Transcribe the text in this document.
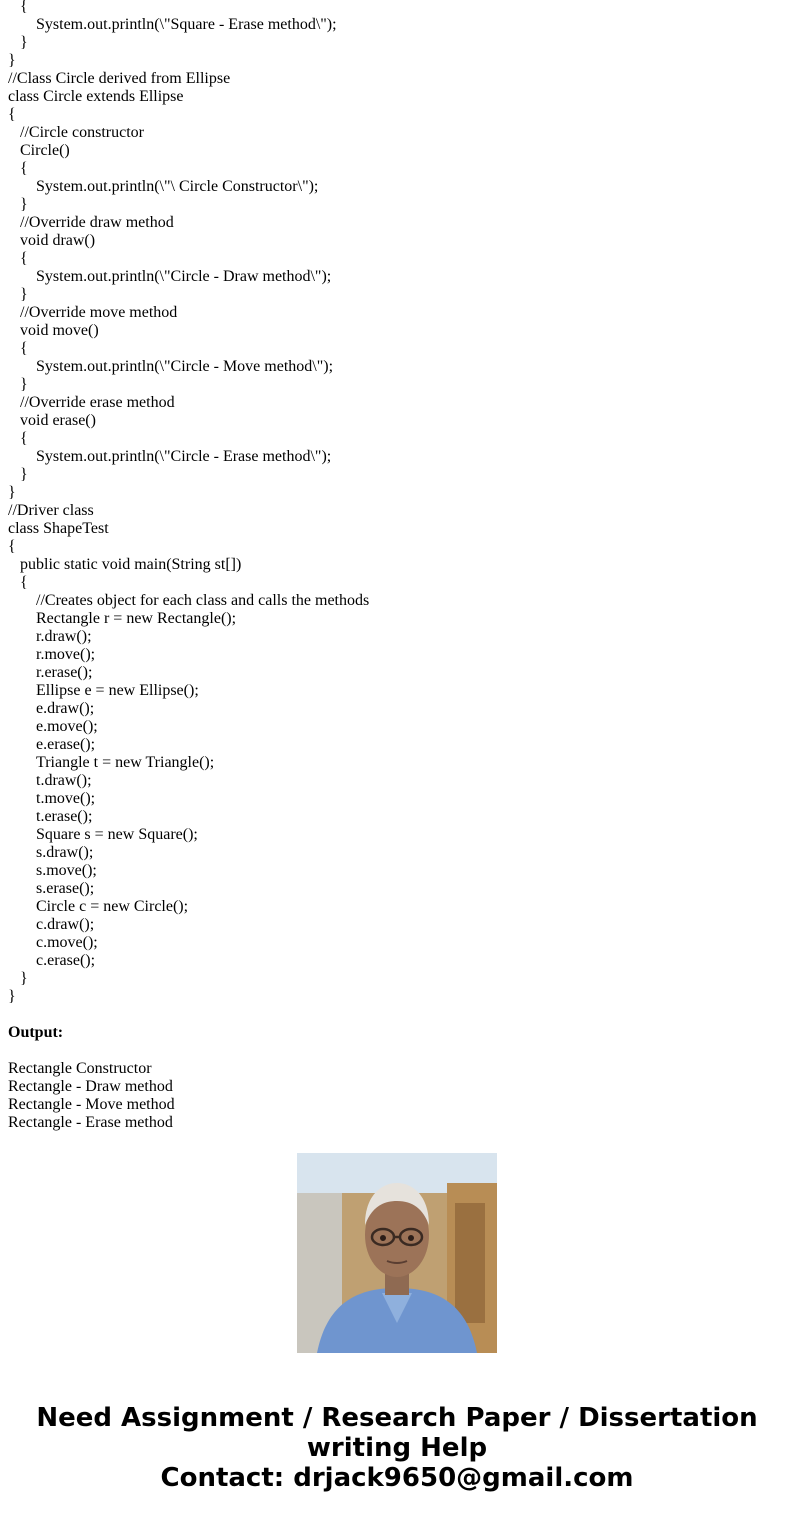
{
System.out.println(\"Square - Erase method\");
}
}
//Class Circle derived from Ellipse
class Circle extends Ellipse
{
//Circle constructor
Circle()
{
System.out.println(\"\ Circle Constructor\");
}
//Override draw method
void draw()
{
System.out.println(\"Circle - Draw method\");
}
//Override move method
void move()
{
System.out.println(\"Circle - Move method\");
}
//Override erase method
void erase()
{
System.out.println(\"Circle - Erase method\");
}
}
//Driver class
class ShapeTest
{
public static void main(String st[])
{
//Creates object for each class and calls the methods
Rectangle r = new Rectangle();
r.draw();
r.move();
r.erase();
Ellipse e = new Ellipse();
e.draw();
e.move();
e.erase();
Triangle t = new Triangle();
t.draw();
t.move();
t.erase();
Square s = new Square();
s.draw();
s.move();
s.erase();
Circle c = new Circle();
c.draw();
c.move();
c.erase();
}
}
Output:
Rectangle Constructor
Rectangle - Draw method
Rectangle - Move method
Rectangle - Erase method
Need Assignment / Research Paper / Dissertation
writing Help
Contact: drjack9650@gmail.com
